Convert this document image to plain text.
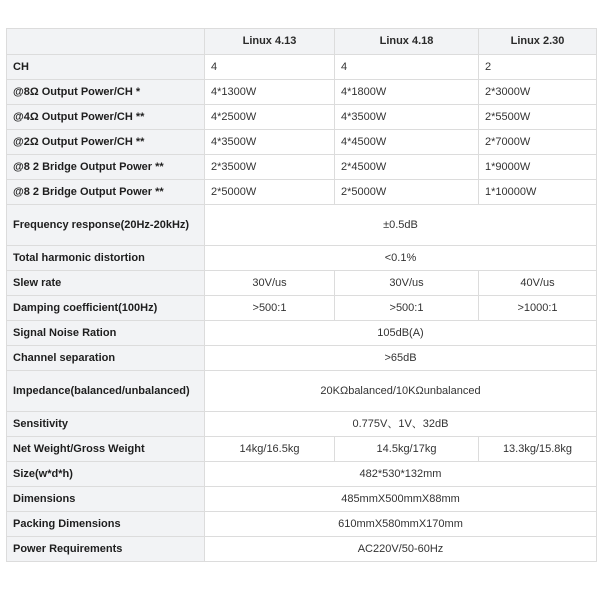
	Linux 4.13	Linux 4.18	Linux 2.30
CH	4	4	2
@8Ω Output Power/CH *	4*1300W	4*1800W	2*3000W
@4Ω Output Power/CH **	4*2500W	4*3500W	2*5500W
@2Ω Output Power/CH **	4*3500W	4*4500W	2*7000W
@8 2 Bridge Output Power **	2*3500W	2*4500W	1*9000W
@8 2 Bridge Output Power **	2*5000W	2*5000W	1*10000W
Frequency response(20Hz-20kHz)	±0.5dB		
Total harmonic distortion	<0.1%		
Slew rate	30V/us	30V/us	40V/us
Damping coefficient(100Hz)	>500:1	>500:1	>1000:1
Signal Noise Ration	105dB(A)		
Channel separation	>65dB		
Impedance(balanced/unbalanced)	20KΩbalanced/10KΩunbalanced		
Sensitivity	0.775V、1V、32dB		
Net Weight/Gross Weight	14kg/16.5kg	14.5kg/17kg	13.3kg/15.8kg
Size(w*d*h)	482*530*132mm		
Dimensions	485mmX500mmX88mm		
Packing Dimensions	610mmX580mmX170mm		
Power Requirements	AC220V/50-60Hz		
